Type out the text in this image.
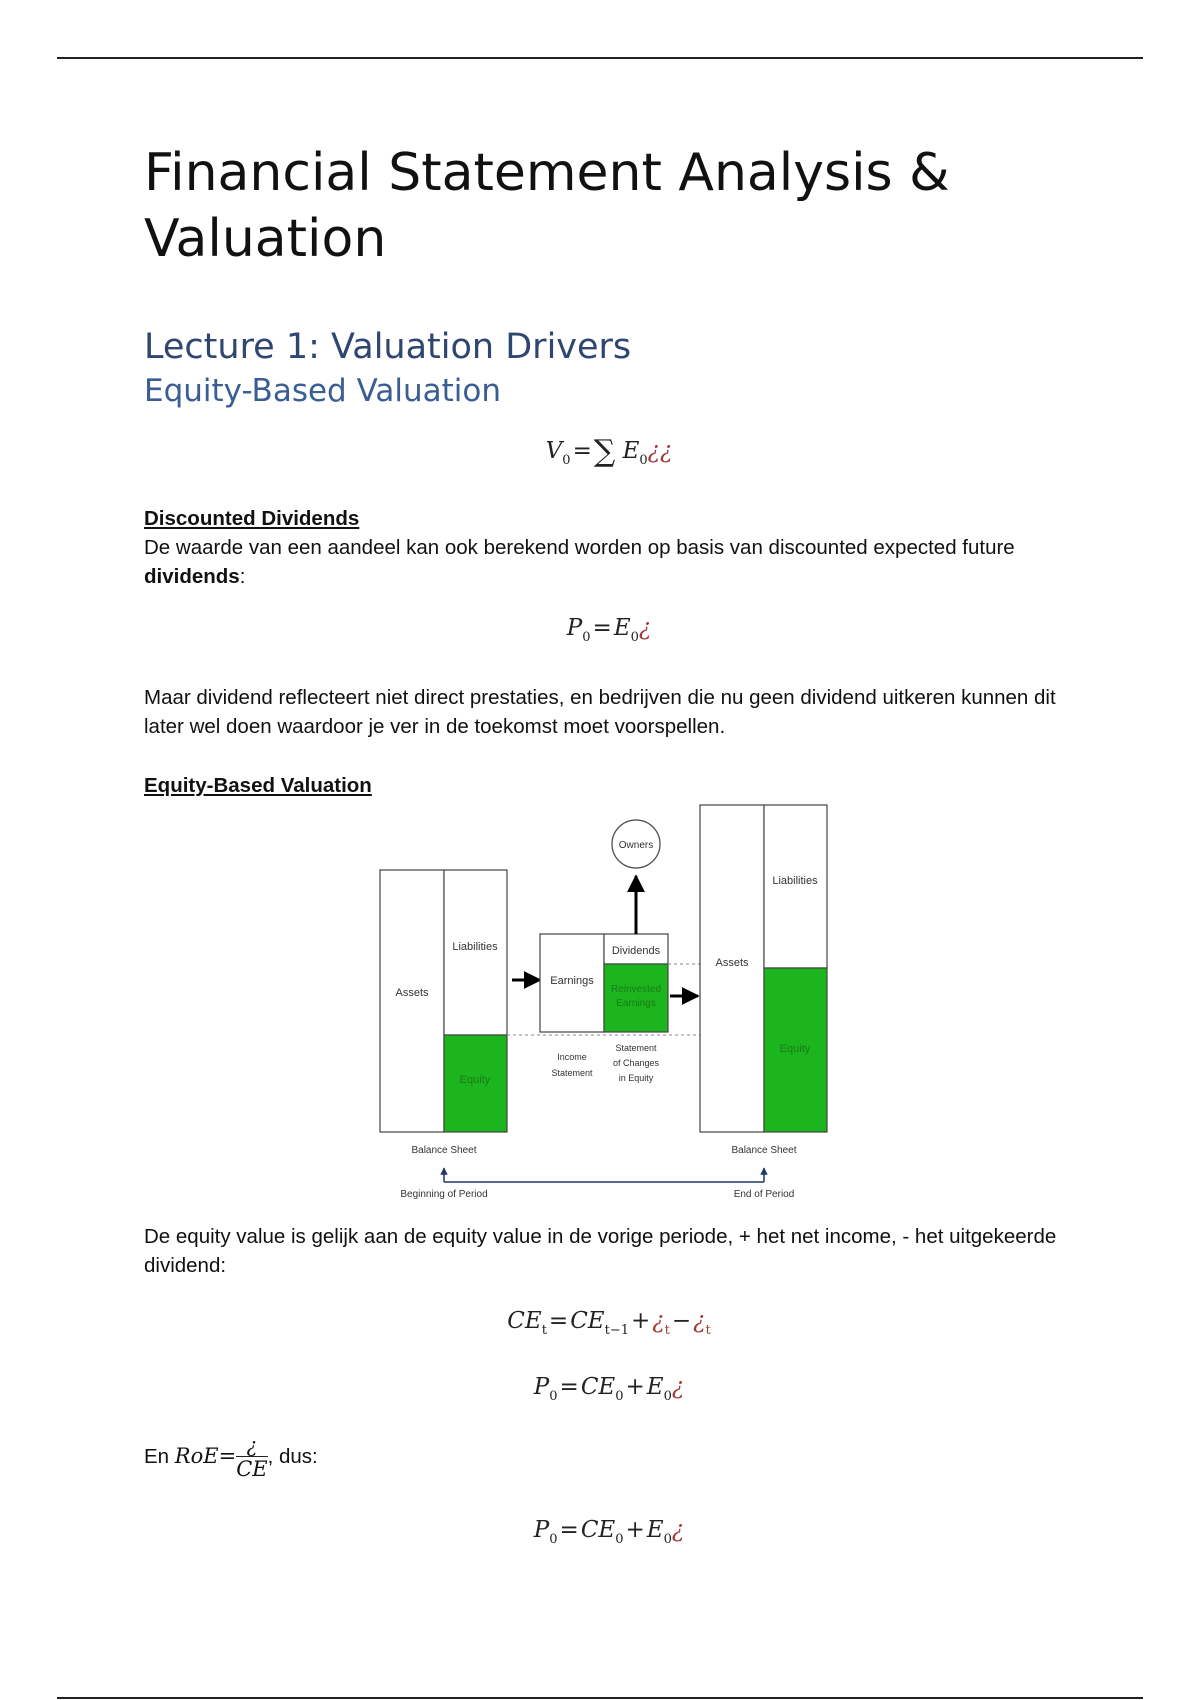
Financial Statement Analysis & Valuation
Lecture 1: Valuation Drivers
Equity-Based Valuation
$V_0=\sum$ $E_0¿¿$

Discounted Dividends

De waarde van een aandeel kan ook berekend worden op basis van discounted expected future dividends:

$P_0=E_0¿$

Maar dividend reflecteert niet direct prestaties, en bedrijven die nu geen dividend uitkeren kunnen dit later wel doen waardoor je ver in de toekomst moet voorspellen.

Equity-Based Valuation

Assets
Liabilities
Equity
Balance Sheet
Earnings
Dividends
Reinvested
Earnings
Owners
Income
Statement
Statement
of Changes
in Equity
Assets
Liabilities
Equity
Balance Sheet
Beginning of Period	End of Period

De equity value is gelijk aan de equity value in de vorige periode, + het net income, - het uitgekeerde dividend:

$CE_t=CE_{t-1}+¿_t-¿_t$
$P_0=CE_0+E_0¿$

En $RoE= \frac{¿}{CE}$ , dus:

$P_0=CE_0+E_0¿$
